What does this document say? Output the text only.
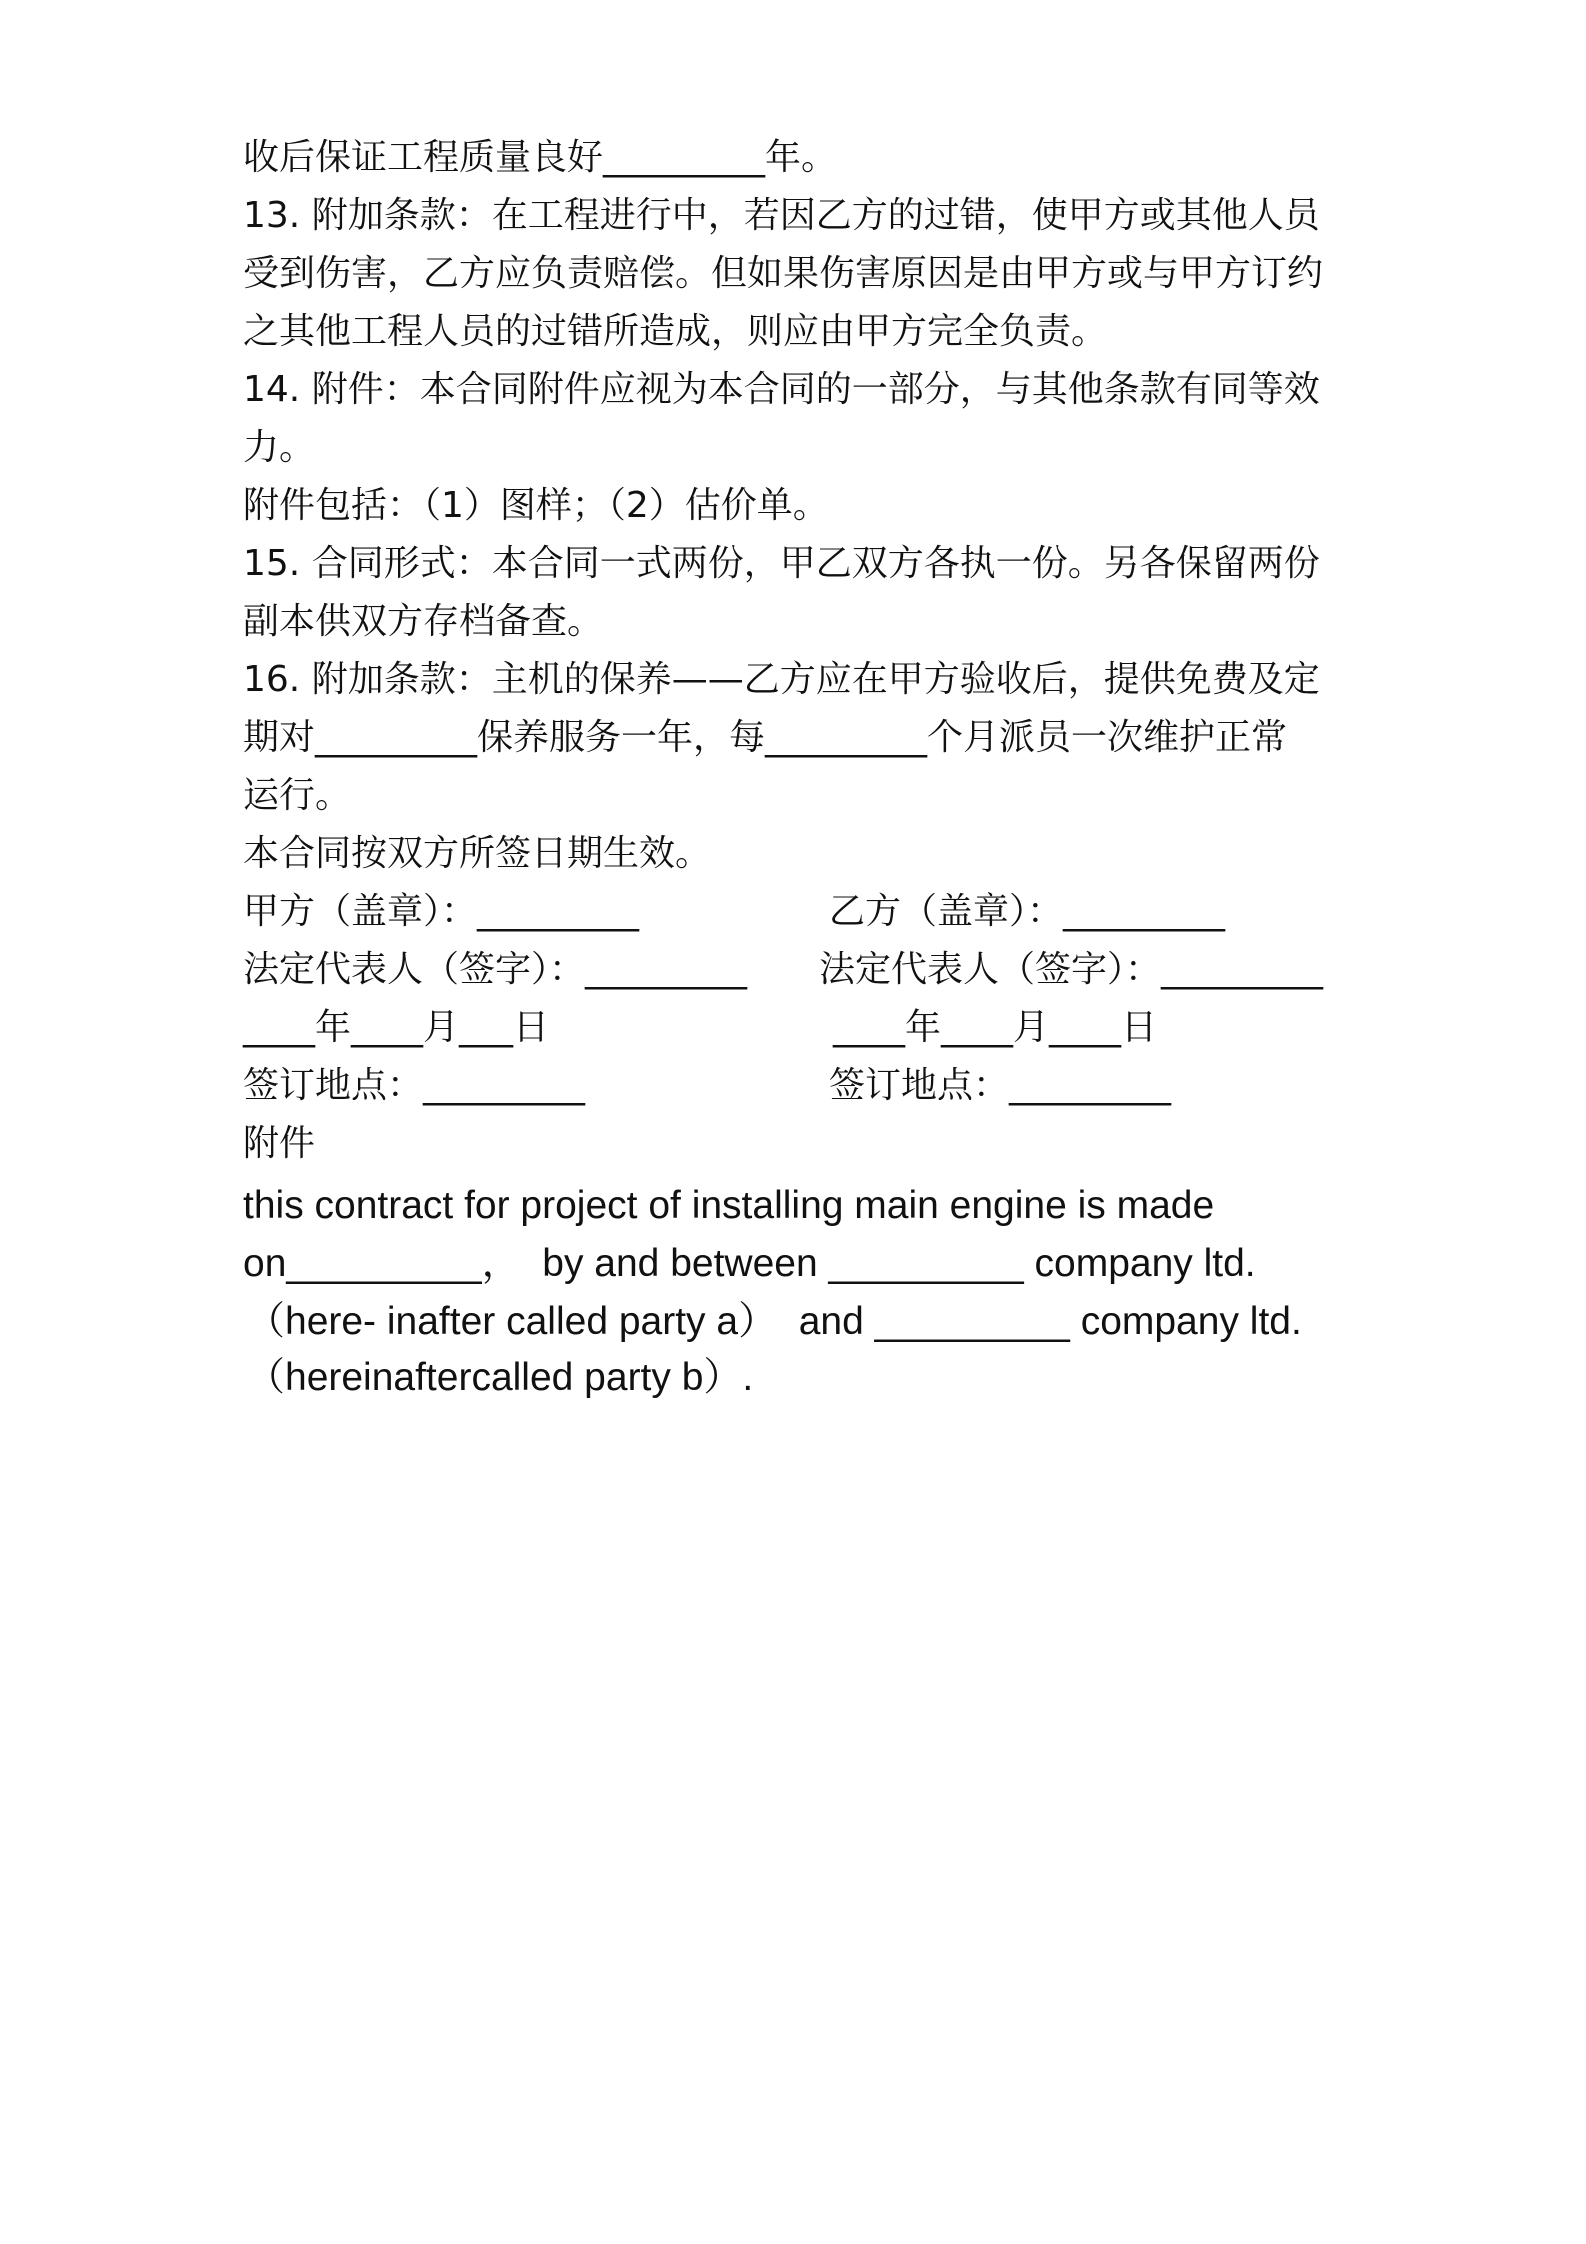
收后保证工程质量良好_________年。
13. 附加条款：在工程进行中，若因乙方的过错，使甲方或其他人员
受到伤害，乙方应负责赔偿。但如果伤害原因是由甲方或与甲方订约
之其他工程人员的过错所造成，则应由甲方完全负责。
14. 附件：本合同附件应视为本合同的一部分，与其他条款有同等效
力。
附件包括：（1）图样；（2）估价单。
15. 合同形式：本合同一式两份，甲乙双方各执一份。另各保留两份
副本供双方存档备查。
16. 附加条款：主机的保养——乙方应在甲方验收后，提供免费及定
期对_________保养服务一年，每_________个月派员一次维护正常
运行。
本合同按双方所签日期生效。
甲方（盖章）：_________	乙方（盖章）：_________
法定代表人（签字）：_________ 法定代表人（签字）：_________
____年____月___日	____年____月____日
签订地点：_________	签订地点：_________
附件
this contract for project of installing main engine is made
on_________，  by and between _________ company ltd.
（here- inafter called party a）  and _________ company ltd.
（hereinaftercalled party b）.
